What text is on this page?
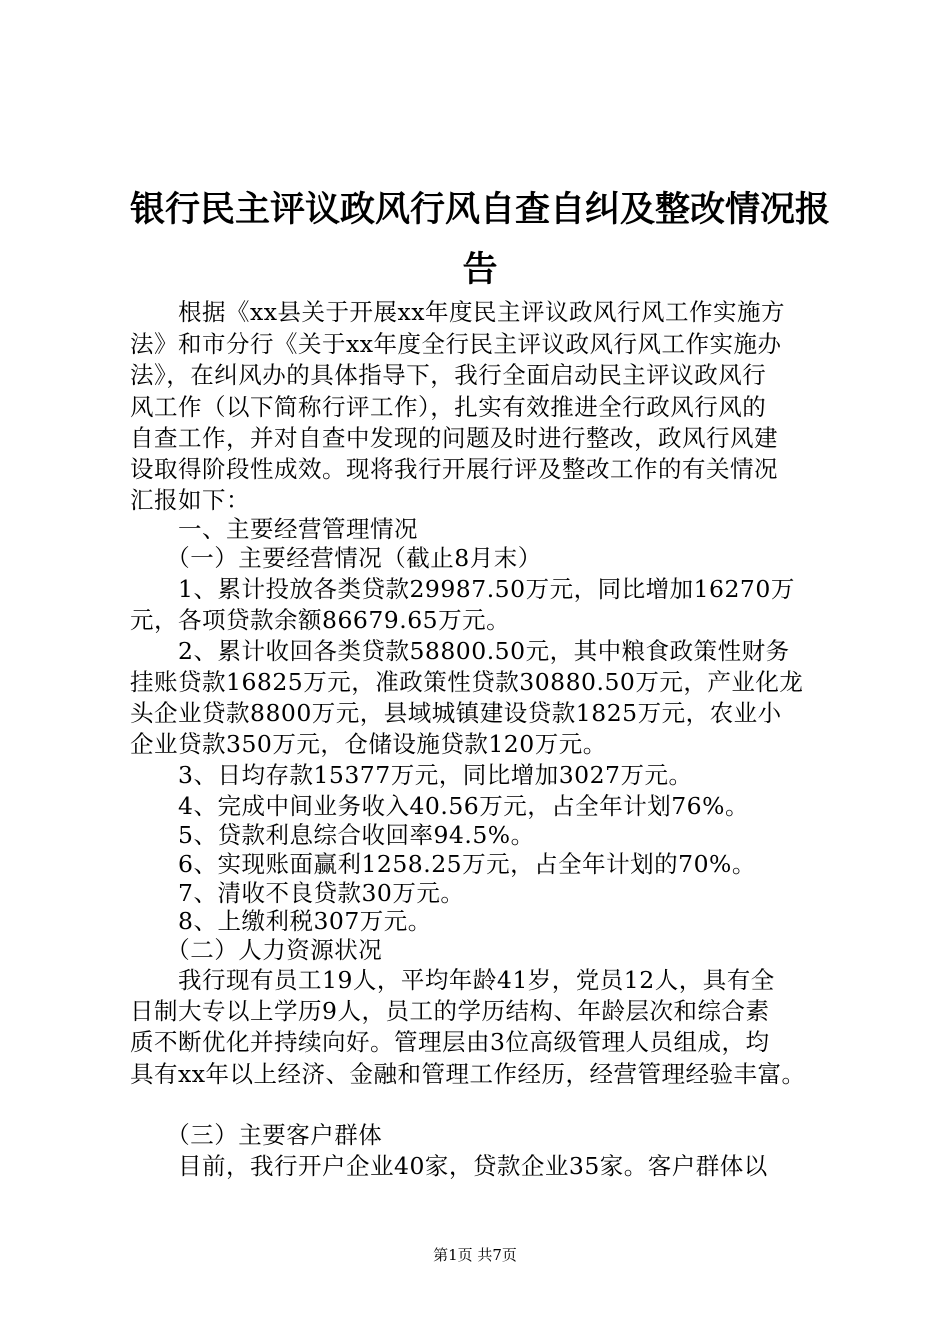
银行民主评议政风行风自查自纠及整改情况报
告
　　根据《xx县关于开展xx年度民主评议政风行风工作实施方
法》和市分行《关于xx年度全行民主评议政风行风工作实施办
法》，在纠风办的具体指导下，我行全面启动民主评议政风行
风工作（以下简称行评工作），扎实有效推进全行政风行风的
自查工作，并对自查中发现的问题及时进行整改，政风行风建
设取得阶段性成效。现将我行开展行评及整改工作的有关情况
汇报如下：
　　一、主要经营管理情况
　　（一）主要经营情况（截止8月末）
　　1、累计投放各类贷款29987.50万元，同比增加16270万
元，各项贷款余额86679.65万元。
　　2、累计收回各类贷款58800.50元，其中粮食政策性财务
挂账贷款16825万元，准政策性贷款30880.50万元，产业化龙
头企业贷款8800万元，县域城镇建设贷款1825万元，农业小
企业贷款350万元，仓储设施贷款120万元。
　　3、日均存款15377万元，同比增加3027万元。
　　4、完成中间业务收入40.56万元，占全年计划76%。
　　5、贷款利息综合收回率94.5%。
　　6、实现账面赢利1258.25万元，占全年计划的70%。
　　7、清收不良贷款30万元。
　　8、上缴利税307万元。
　　（二）人力资源状况
　　我行现有员工19人，平均年龄41岁，党员12人，具有全
日制大专以上学历9人，员工的学历结构、年龄层次和综合素
质不断优化并持续向好。管理层由3位高级管理人员组成，均
具有xx年以上经济、金融和管理工作经历，经营管理经验丰富。
　　（三）主要客户群体
　　目前，我行开户企业40家，贷款企业35家。客户群体以
第1页 共7页
